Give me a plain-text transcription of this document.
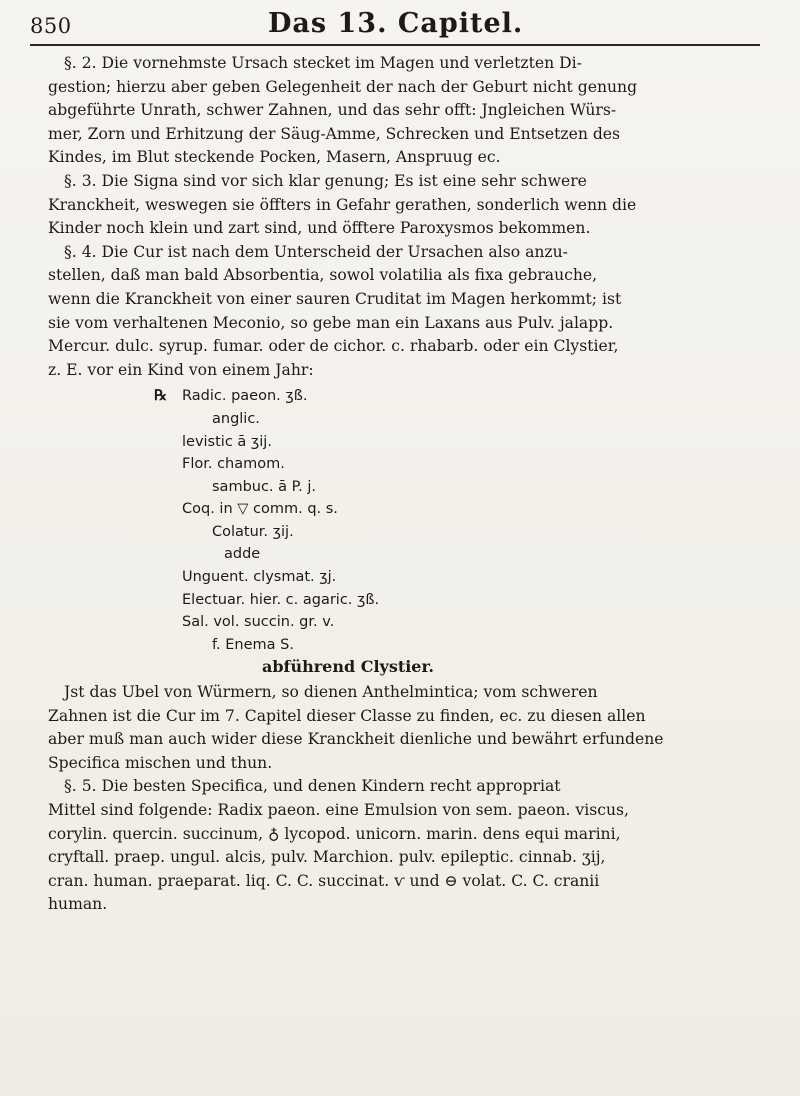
850	Das 13. Capitel.

§. 2. Die vornehmste Ursach stecket im Magen und verletzten Di-
gestion; hierzu aber geben Gelegenheit der nach der Geburt nicht genung
abgeführte Unrath, schwer Zahnen, und das sehr offt: Jngleichen Würs-
mer, Zorn und Erhitzung der Säug-Amme, Schrecken und Entsetzen des
Kindes, im Blut steckende Pocken, Masern, Anspruug ec.

§. 3. Die Signa sind vor sich klar genung; Es ist eine sehr schwere
Kranckheit, weswegen sie öffters in Gefahr gerathen, sonderlich wenn die
Kinder noch klein und zart sind, und öfftere Paroxysmos bekommen.

§. 4. Die Cur ist nach dem Unterscheid der Ursachen also anzu-
stellen, daß man bald Absorbentia, sowol volatilia als fixa gebrauche,
wenn die Kranckheit von einer sauren Cruditat im Magen herkommt; ist
sie vom verhaltenen Meconio, so gebe man ein Laxans aus Pulv. jalapp.
Mercur. dulc. syrup. fumar. oder de cichor. c. rhabarb. oder ein Clystier,
z. E. vor ein Kind von einem Jahr:

℞ Radic. paeon. ʒß.
anglic.
levistic ā ʒij.
Flor. chamom.
sambuc. ā P. j.
Coq. in ▽ comm. q. s.
Colatur. ʒij.
adde
Unguent. clysmat. ʒj.
Electuar. hier. c. agaric. ʒß.
Sal. vol. succin. gr. v.
f. Enema S.
abführend Clystier.

Jst das Ubel von Würmern, so dienen Anthelmintica; vom schweren
Zahnen ist die Cur im 7. Capitel dieser Classe zu finden, ec. zu diesen allen
aber muß man auch wider diese Kranckheit dienliche und bewährt erfundene
Specifica mischen und thun.

§. 5. Die besten Specifica, und denen Kindern recht appropriat
Mittel sind folgende: Radix paeon. eine Emulsion von sem. paeon. viscus,
corylin. quercin. succinum, ♁ lycopod. unicorn. marin. dens equi marini,
cryftall. praep. ungul. alcis, pulv. Marchion. pulv. epileptic. cinnab. ʒij,
cran. human. praeparat. liq. C. C. succinat. ⱱ und ⊖ volat. C. C. cranii
human.
